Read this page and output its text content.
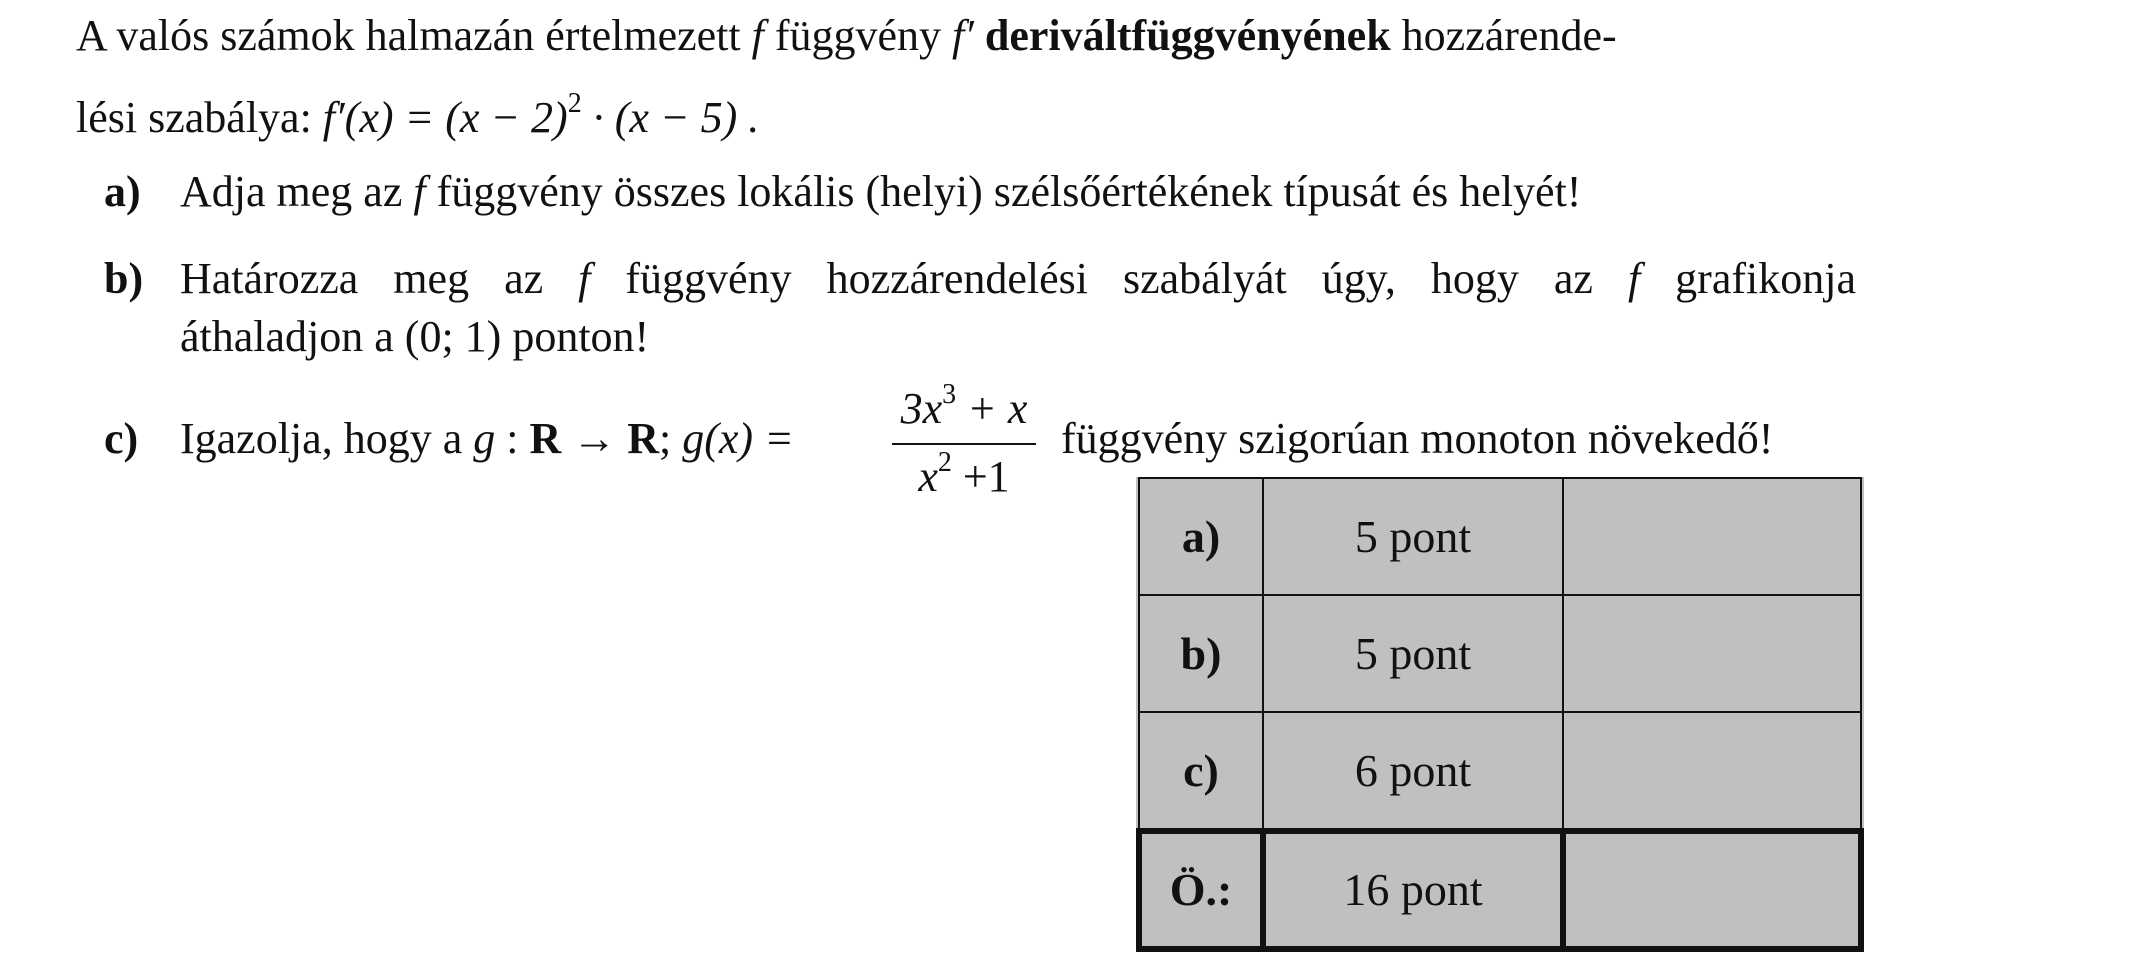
A valós számok halmazán értelmezett f függvény f′ deriváltfüggvényének hozzárende-
lési szabálya: $f'(x) = (x - 2)^2 \cdot (x - 5)$ .
a) Adja meg az f függvény összes lokális (helyi) szélsőértékének típusát és helyét!
b) Határozza meg az f függvény hozzárendelési szabályát úgy, hogy az f grafikonja
áthaladjon a (0; 1) ponton!
c) Igazolja, hogy a g : R → R; g(x) =
$3x^3 + x$
$x^2 +1$
függvény szigorúan monoton növekedő!
a)	5 pont	
b)	5 pont	
c)	6 pont	
Ö.:	16 pont	
